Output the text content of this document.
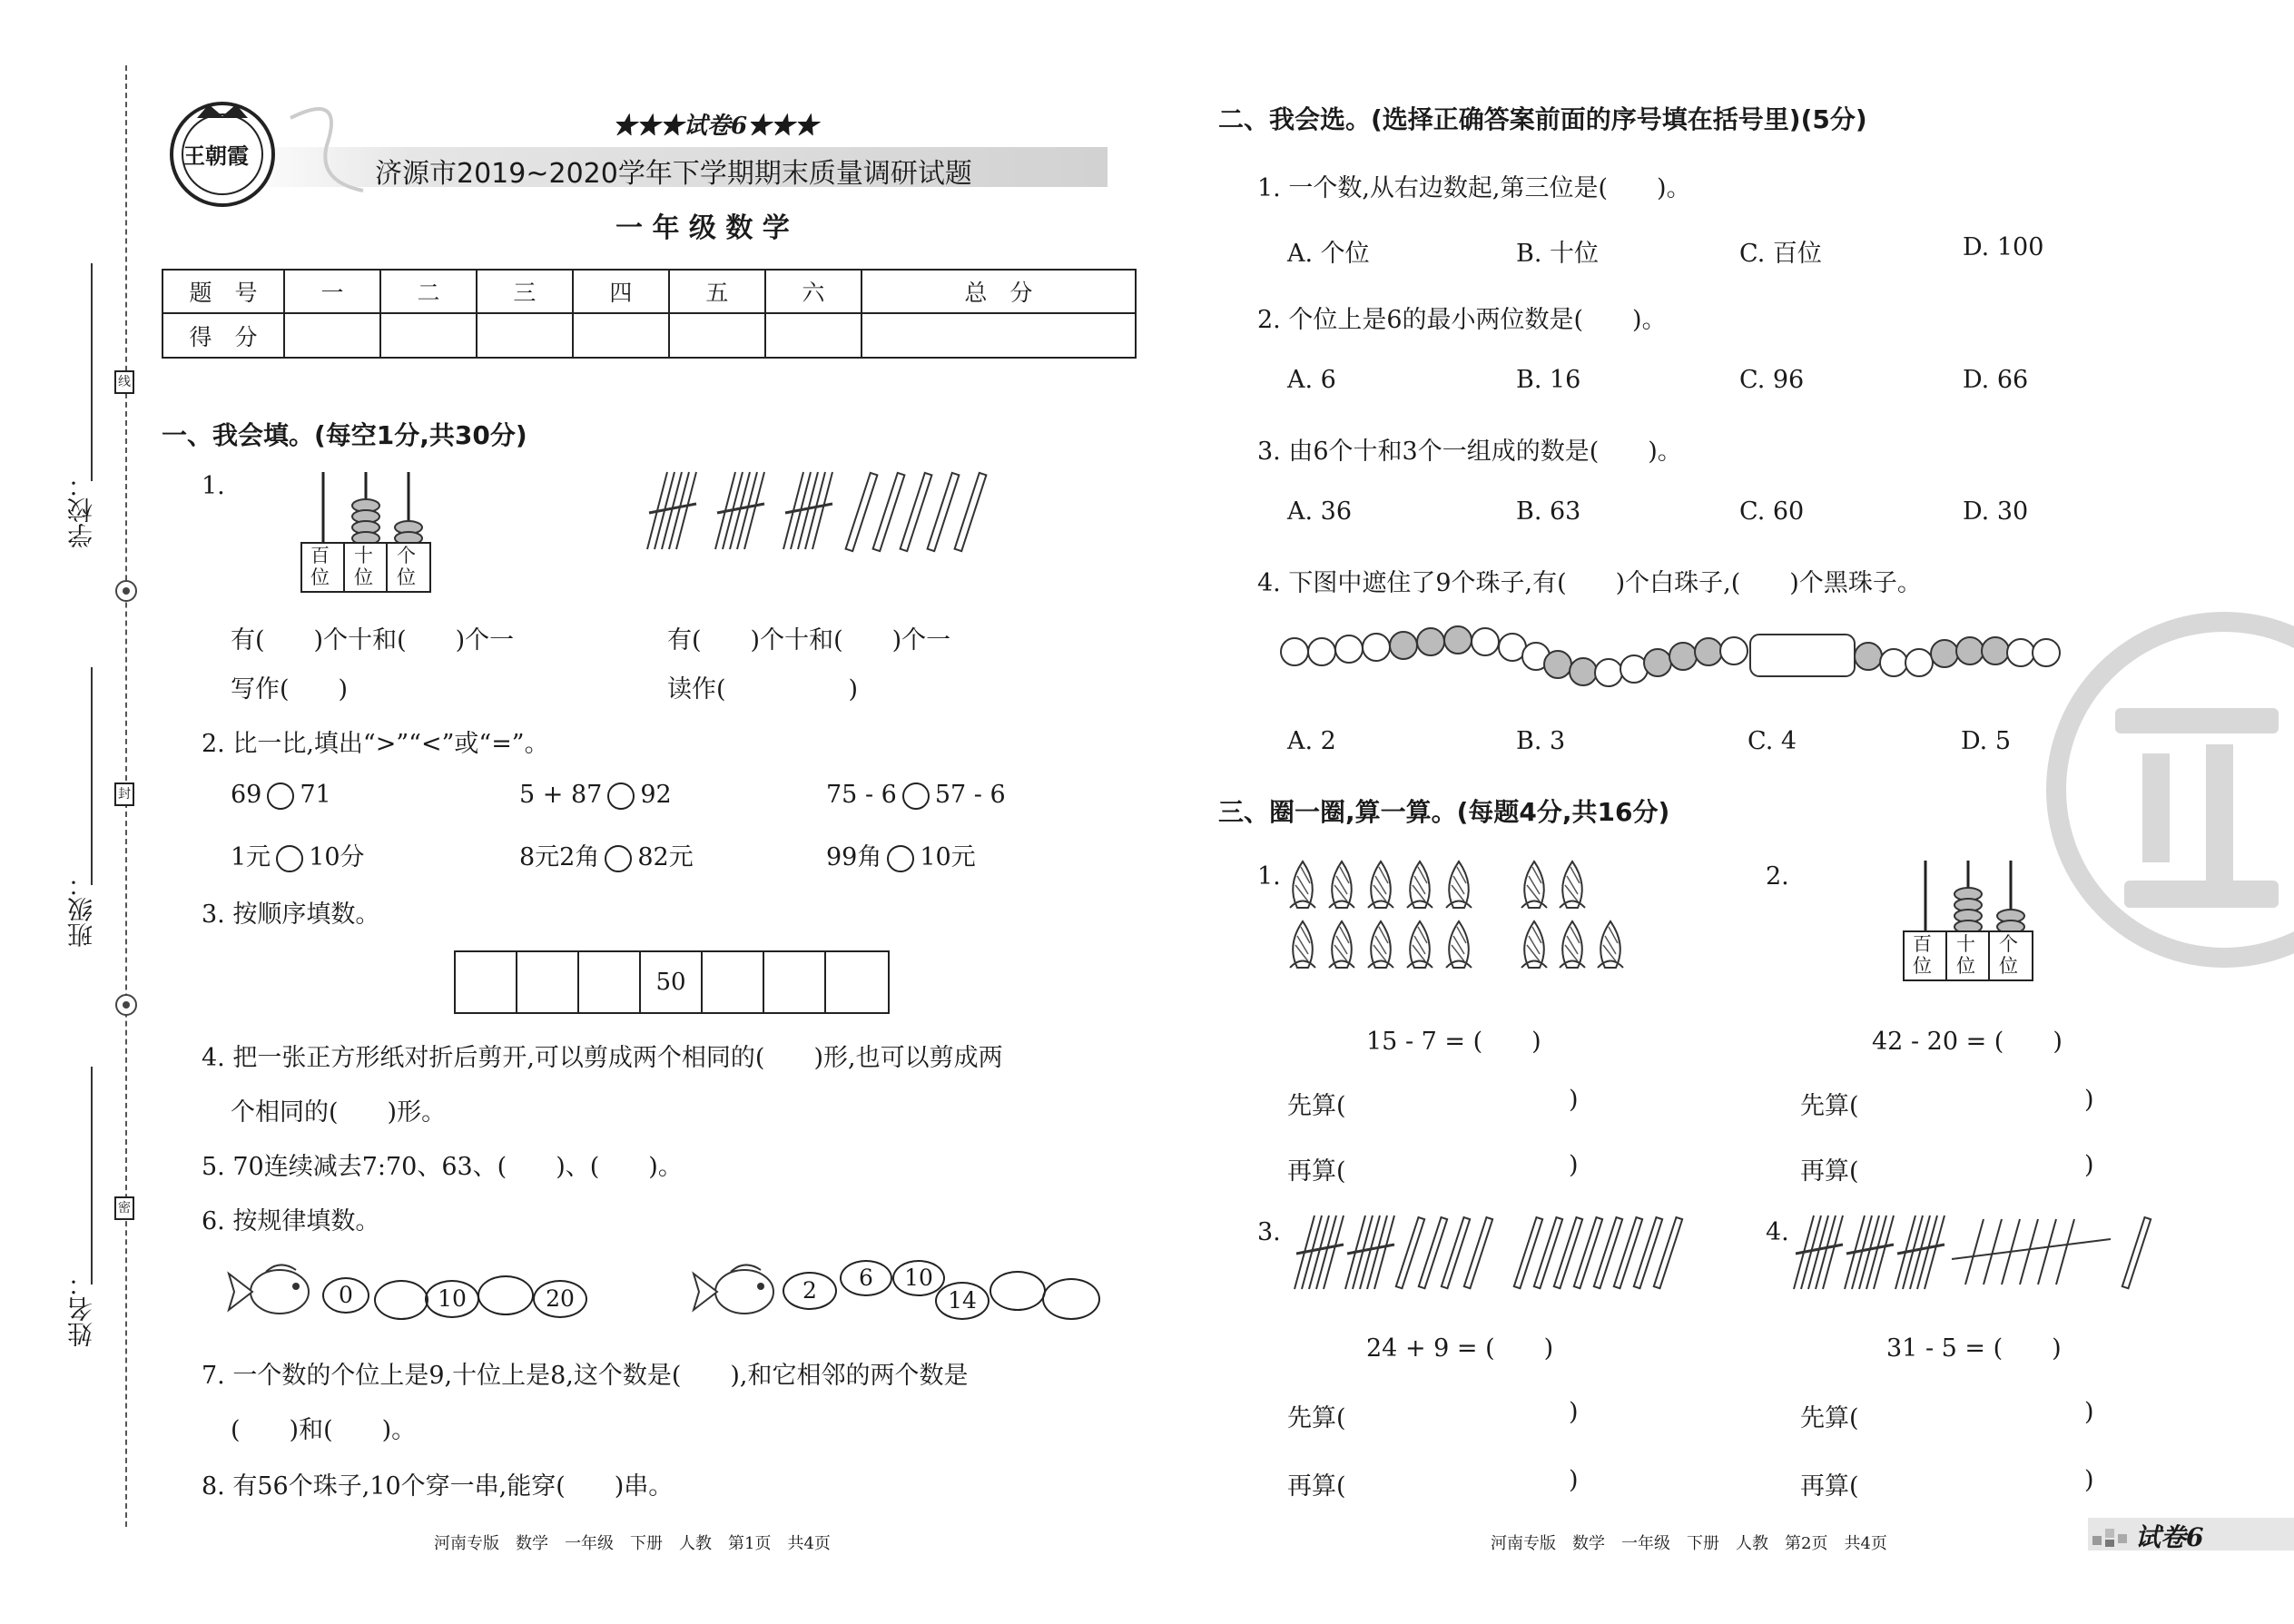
学校：
班级：
姓名：
线
封
密
王朝霞
★★★试卷6★★★
济源市2019~2020学年下学期期末质量调研试题
一 年 级 数 学
题　号	一	二	三	四	五	六	总　分
得　分							
一、我会填。(每空1分,共30分)
1.
百
位
十
位
个
位
有(　　)个十和(　　)个一
写作(　　)
有(　　)个十和(　　)个一
读作(　　　　　)
2. 比一比,填出“>”“<”或“=”。
69 71	5 + 87 92	75 - 6 57 - 6
1元 10分	8元2角 82元	99角 10元
3. 按顺序填数。
50
4. 把一张正方形纸对折后剪开,可以剪成两个相同的(　　)形,也可以剪成两
个相同的(　　)形。
5. 70连续减去7:70、63、(　　)、(　　)。
6. 按规律填数。
0	10	20	2	6	10
14
7. 一个数的个位上是9,十位上是8,这个数是(　　),和它相邻的两个数是
(　　)和(　　)。
8. 有56个珠子,10个穿一串,能穿(　　)串。
河南专版　数学　一年级　下册　人教　第1页　共4页
二、我会选。(选择正确答案前面的序号填在括号里)(5分)
1. 一个数,从右边数起,第三位是(　　)。
A. 个位	B. 十位	C. 百位	D. 100
2. 个位上是6的最小两位数是(　　)。
A. 6	B. 16	C. 96	D. 66
3. 由6个十和3个一组成的数是(　　)。
A. 36	B. 63	C. 60	D. 30
4. 下图中遮住了9个珠子,有(　　)个白珠子,(　　)个黑珠子。
A. 2	B. 3	C. 4	D. 5
三、圈一圈,算一算。(每题4分,共16分)
1.
15 - 7 = (　　)
2.
百
位
十
位
个
位
42 - 20 = (　　)
先算(	)
再算(	)
先算(	)
再算(	)
3.
24 + 9 = (　　)
4.
31 - 5 = (　　)
先算(	)
再算(	)
先算(	)
再算(	)
河南专版　数学　一年级　下册　人教　第2页　共4页	试卷6
